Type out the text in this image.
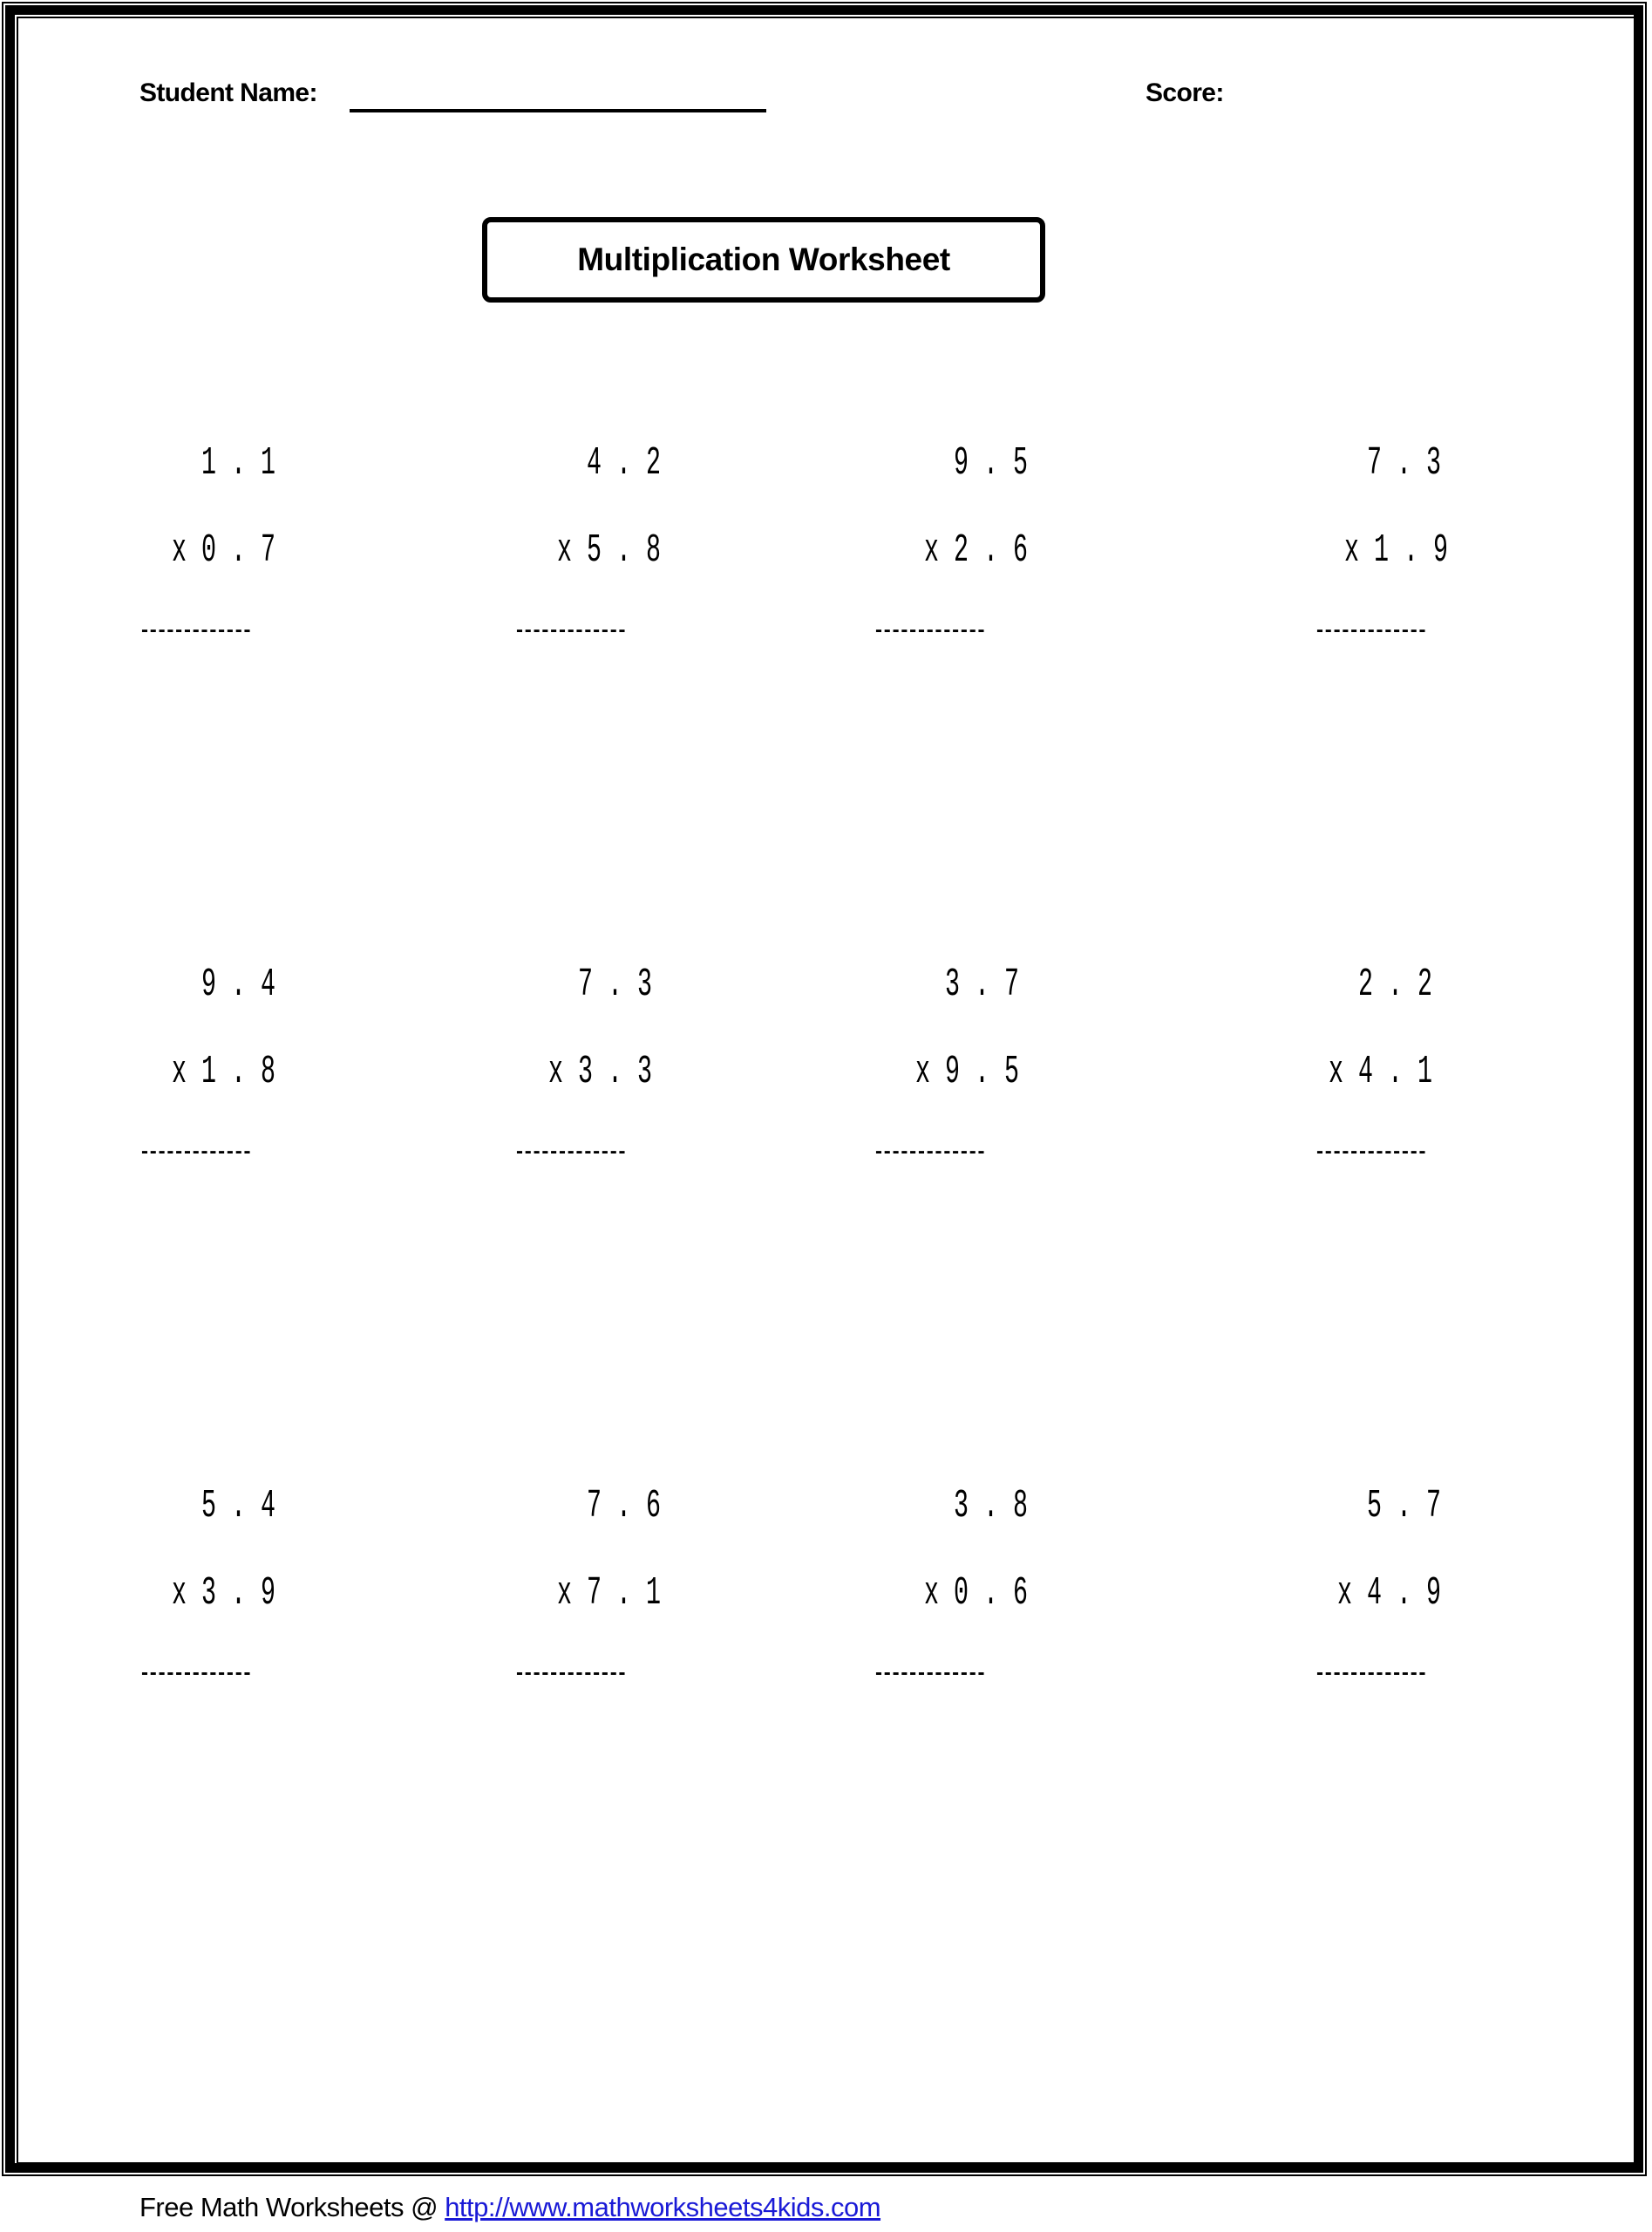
Student Name:	Score:
Multiplication Worksheet
1 . 1
x 0 . 7
-------------
4 . 2
x 5 . 8
-------------
9 . 5
x 2 . 6
-------------
7 . 3
x 1 . 9
-------------
9 . 4
x 1 . 8
-------------
7 . 3
x 3 . 3
-------------
3 . 7
x 9 . 5
-------------
2 . 2
x 4 . 1
-------------
5 . 4
x 3 . 9
-------------
7 . 6
x 7 . 1
-------------
3 . 8
x 0 . 6
-------------
5 . 7
x 4 . 9
-------------
Free Math Worksheets @ http://www.mathworksheets4kids.com
